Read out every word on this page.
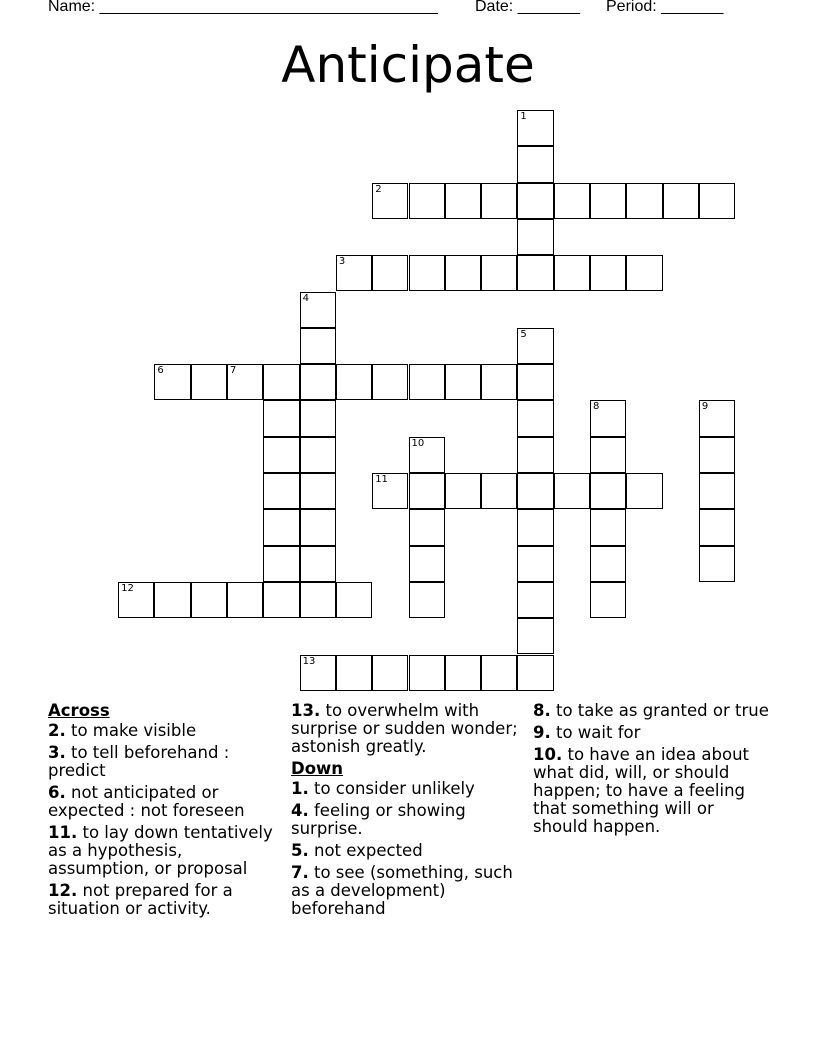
Name: ______________________________________ Date: _______ Period: _______
Anticipate
1
2
3
4
5
6	7
8	9
10
11
12
13
Across
2. to make visible
3. to tell beforehand : predict
6. not anticipated or expected : not foreseen
11. to lay down tentatively as a hypothesis, assumption, or proposal
12. not prepared for a situation or activity.
13. to overwhelm with surprise or sudden wonder; astonish greatly.
Down
1. to consider unlikely
4. feeling or showing surprise.
5. not expected
7. to see (something, such as a development) beforehand
8. to take as granted or true
9. to wait for
10. to have an idea about what did, will, or should happen; to have a feeling that something will or should happen.
